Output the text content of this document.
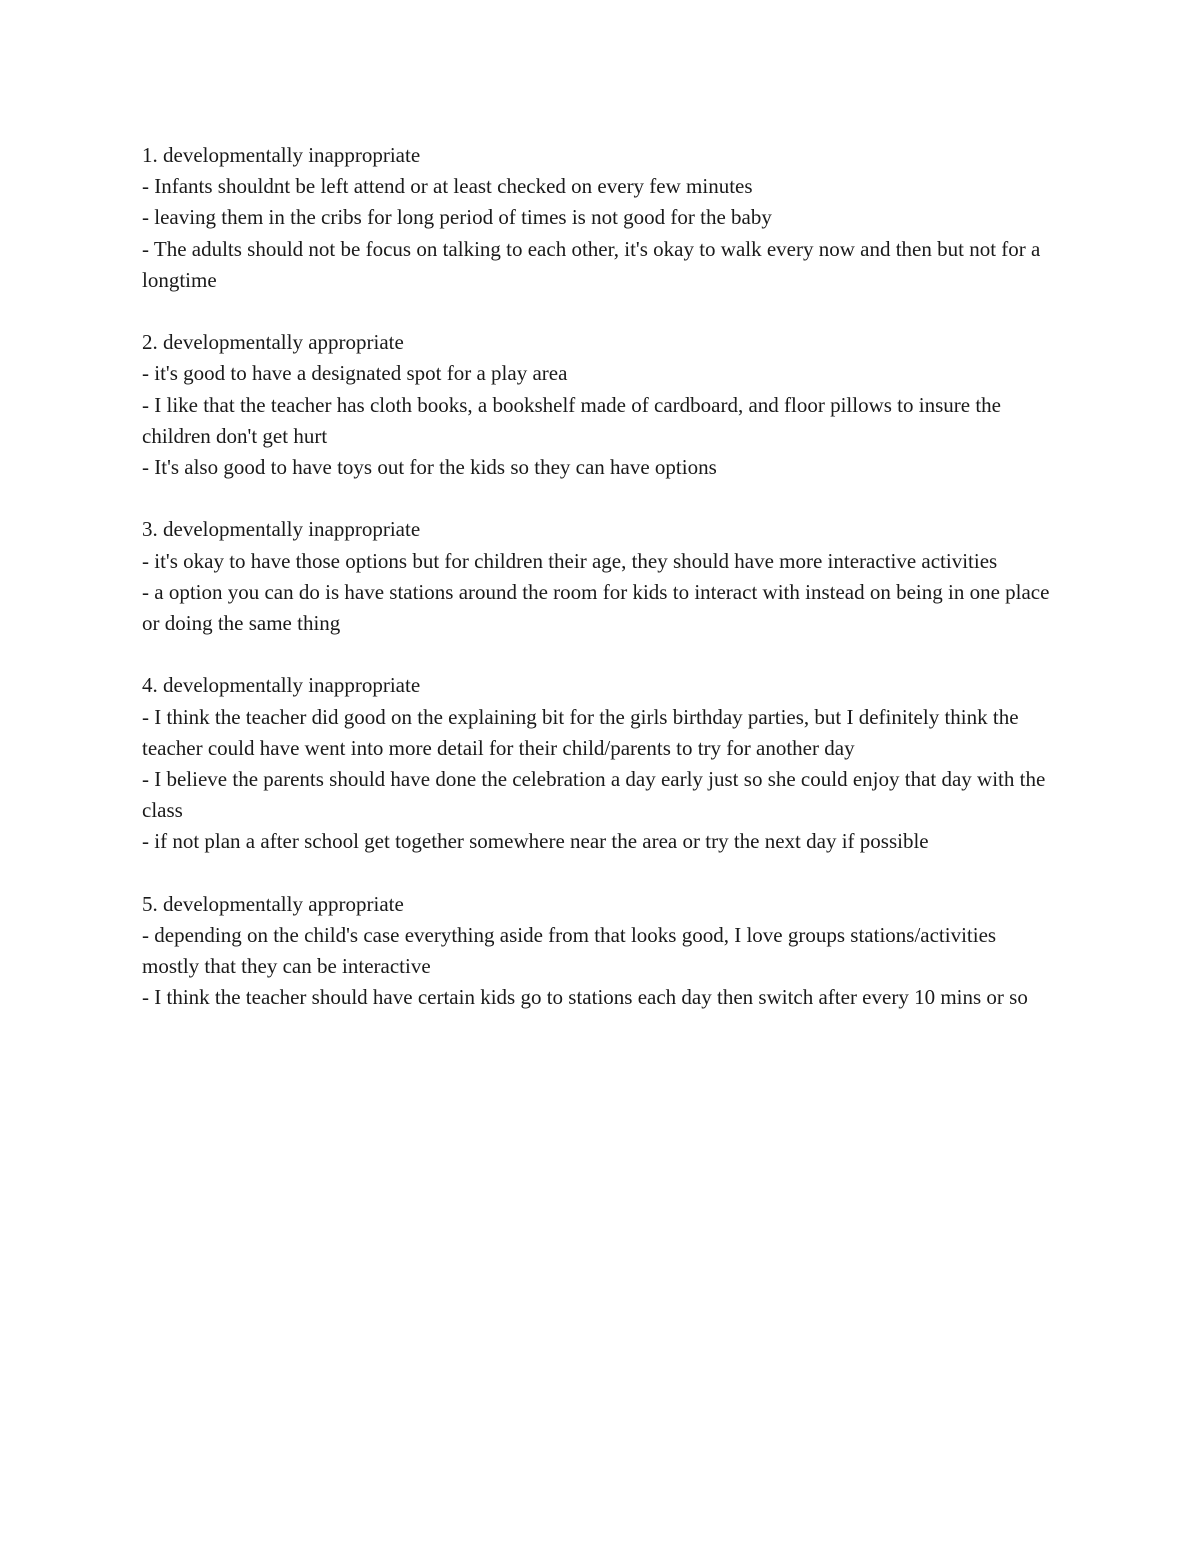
1. developmentally inappropriate
- Infants shouldnt be left attend or at least checked on every few minutes
- leaving them in the cribs for long period of times is not good for the baby
- The adults should not be focus on talking to each other, it's okay to walk every now and then but not for a longtime
2. developmentally appropriate
- it's good to have a designated spot for a play area
- I like that the teacher has cloth books, a bookshelf made of cardboard, and floor pillows to insure the children don't get hurt
- It's also good to have toys out for the kids so they can have options
3. developmentally inappropriate
- it's okay to have those options but for children their age, they should have more interactive activities
- a option you can do is have stations around the room for kids to interact with instead on being in one place or doing the same thing
4. developmentally inappropriate
- I think the teacher did good on the explaining bit for the girls birthday parties, but I definitely think the teacher could have went into more detail for their child/parents to try for another day
- I believe the parents should have done the celebration a day early just so she could enjoy that day with the class
- if not plan a after school get together somewhere near the area or try the next day if possible
5. developmentally appropriate
- depending on the child's case everything aside from that looks good, I love groups stations/activities mostly that they can be interactive
- I think the teacher should have certain kids go to stations each day then switch after every 10 mins or so
